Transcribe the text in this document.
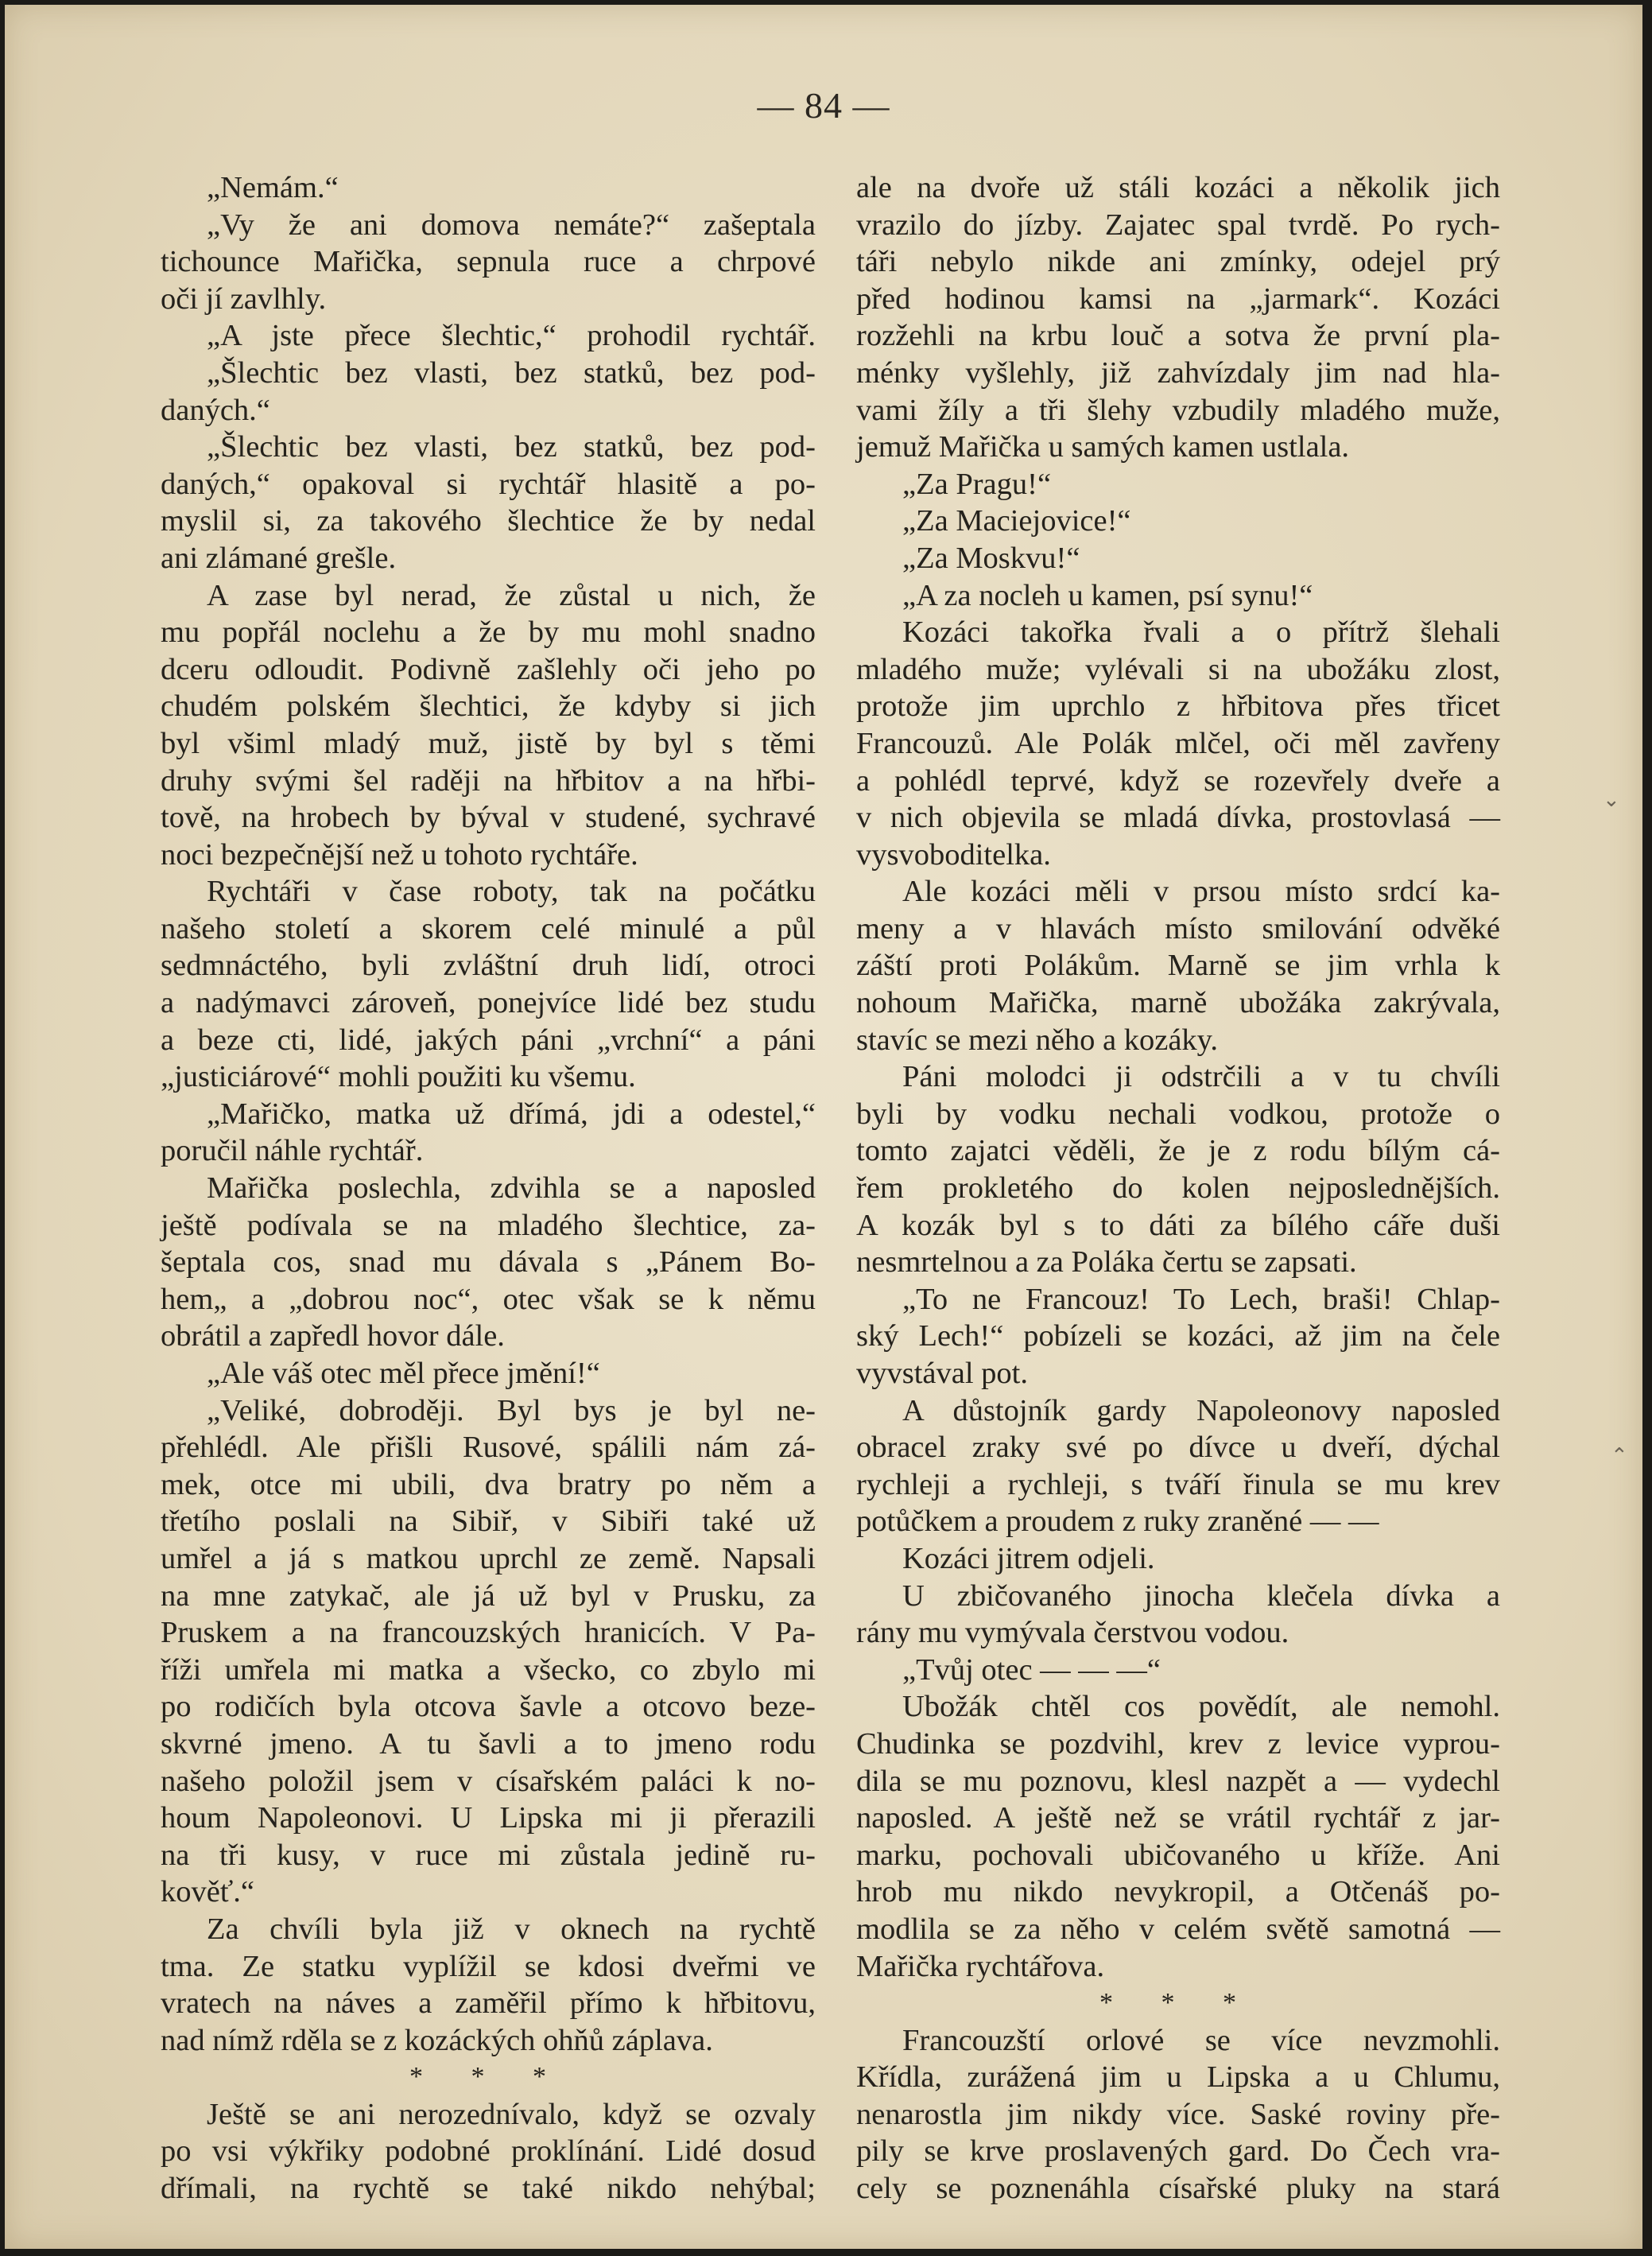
— 84 —
„Nemám.“
„Vy že ani domova nemáte?“ zašeptala
tichounce Mařička, sepnula ruce a chrpové
oči jí zavlhly.
„A jste přece šlechtic,“ prohodil rychtář.
„Šlechtic bez vlasti, bez statků, bez pod-
daných.“
„Šlechtic bez vlasti, bez statků, bez pod-
daných,“ opakoval si rychtář hlasitě a po-
myslil si, za takového šlechtice že by nedal
ani zlámané grešle.
A zase byl nerad, že zůstal u nich, že
mu popřál noclehu a že by mu mohl snadno
dceru odloudit. Podivně zašlehly oči jeho po
chudém polském šlechtici, že kdyby si jich
byl všiml mladý muž, jistě by byl s těmi
druhy svými šel raději na hřbitov a na hřbi-
tově, na hrobech by býval v studené, sychravé
noci bezpečnější než u tohoto rychtáře.
Rychtáři v čase roboty, tak na počátku
našeho století a skorem celé minulé a půl
sedmnáctého, byli zvláštní druh lidí, otroci
a nadýmavci zároveň, ponejvíce lidé bez studu
a beze cti, lidé, jakých páni „vrchní“ a páni
„justiciárové“ mohli použiti ku všemu.
„Mařičko, matka už dřímá, jdi a odestel,“
poručil náhle rychtář.
Mařička poslechla, zdvihla se a naposled
ještě podívala se na mladého šlechtice, za-
šeptala cos, snad mu dávala s „Pánem Bo-
hem„ a „dobrou noc“, otec však se k němu
obrátil a zapředl hovor dále.
„Ale váš otec měl přece jmění!“
„Veliké, dobroději. Byl bys je byl ne-
přehlédl. Ale přišli Rusové, spálili nám zá-
mek, otce mi ubili, dva bratry po něm a
třetího poslali na Sibiř, v Sibiři také už
umřel a já s matkou uprchl ze země. Napsali
na mne zatykač, ale já už byl v Prusku, za
Pruskem a na francouzských hranicích. V Pa-
říži umřela mi matka a všecko, co zbylo mi
po rodičích byla otcova šavle a otcovo beze-
skvrné jmeno. A tu šavli a to jmeno rodu
našeho položil jsem v císařském paláci k no-
houm Napoleonovi. U Lipska mi ji přerazili
na tři kusy, v ruce mi zůstala jedině ru-
kověť.“
Za chvíli byla již v oknech na rychtě
tma. Ze statku vyplížil se kdosi dveřmi ve
vratech na náves a zaměřil přímo k hřbitovu,
nad nímž rděla se z kozáckých ohňů záplava.
* * *
Ještě se ani nerozednívalo, když se ozvaly
po vsi výkřiky podobné proklínání. Lidé dosud
dřímali, na rychtě se také nikdo nehýbal;
ale na dvoře už stáli kozáci a několik jich
vrazilo do jízby. Zajatec spal tvrdě. Po rych-
táři nebylo nikde ani zmínky, odejel prý
před hodinou kamsi na „jarmark“. Kozáci
rozžehli na krbu louč a sotva že první pla-
ménky vyšlehly, již zahvízdaly jim nad hla-
vami žíly a tři šlehy vzbudily mladého muže,
jemuž Mařička u samých kamen ustlala.
„Za Pragu!“
„Za Maciejovice!“
„Za Moskvu!“
„A za nocleh u kamen, psí synu!“
Kozáci takořka řvali a o přítrž šlehali
mladého muže; vylévali si na ubožáku zlost,
protože jim uprchlo z hřbitova přes třicet
Francouzů. Ale Polák mlčel, oči měl zavřeny
a pohlédl teprvé, když se rozevřely dveře a
v nich objevila se mladá dívka, prostovlasá —
vysvoboditelka.
Ale kozáci měli v prsou místo srdcí ka-
meny a v hlavách místo smilování odvěké
záští proti Polákům. Marně se jim vrhla k
nohoum Mařička, marně ubožáka zakrývala,
stavíc se mezi něho a kozáky.
Páni molodci ji odstrčili a v tu chvíli
byli by vodku nechali vodkou, protože o
tomto zajatci věděli, že je z rodu bílým cá-
řem prokletého do kolen nejposlednějších.
A kozák byl s to dáti za bílého cáře duši
nesmrtelnou a za Poláka čertu se zapsati.
„To ne Francouz! To Lech, braši! Chlap-
ský Lech!“ pobízeli se kozáci, až jim na čele
vyvstával pot.
A důstojník gardy Napoleonovy naposled
obracel zraky své po dívce u dveří, dýchal
rychleji a rychleji, s tváří řinula se mu krev
potůčkem a proudem z ruky zraněné — —
Kozáci jitrem odjeli.
U zbičovaného jinocha klečela dívka a
rány mu vymývala čerstvou vodou.
„Tvůj otec — — —“
Ubožák chtěl cos povědít, ale nemohl.
Chudinka se pozdvihl, krev z levice vyprou-
dila se mu poznovu, klesl nazpět a — vydechl
naposled. A ještě než se vrátil rychtář z jar-
marku, pochovali ubičovaného u kříže. Ani
hrob mu nikdo nevykropil, a Otčenáš po-
modlila se za něho v celém světě samotná —
Mařička rychtářova.
* * *
Francouzští orlové se více nevzmohli.
Křídla, zurážená jim u Lipska a u Chlumu,
nenarostla jim nikdy více. Saské roviny pře-
pily se krve proslavených gard. Do Čech vra-
cely se poznenáhla císařské pluky na stará
⌄
⌃
